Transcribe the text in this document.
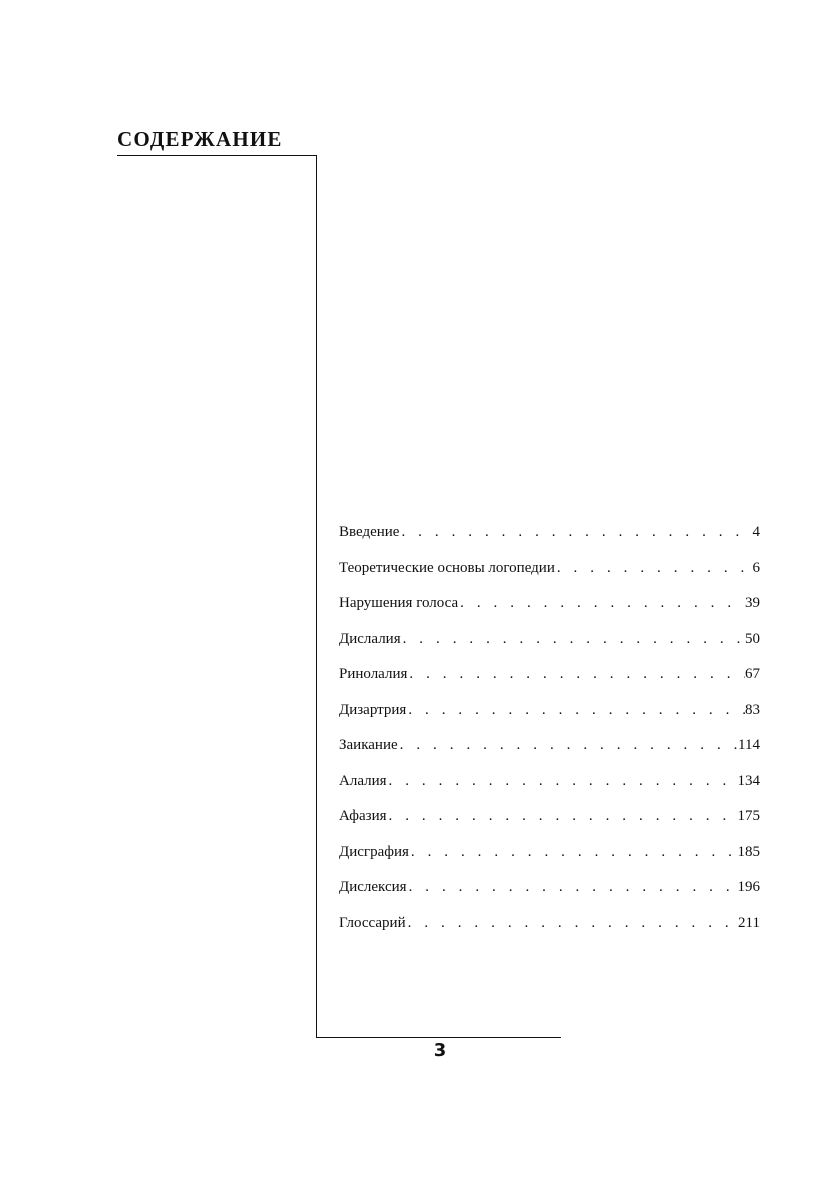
СОДЕРЖАНИЕ
Введение . . .	4
Теоретические основы логопедии . . .	6
Нарушения голоса . . .	39
Дислалия . . .	50
Ринолалия . . .	67
Дизартрия . . .	83
Заикание . . .	114
Алалия . . .	134
Афазия . . .	175
Дисграфия . . .	185
Дислексия . . .	196
Глоссарий . . .	211
3
